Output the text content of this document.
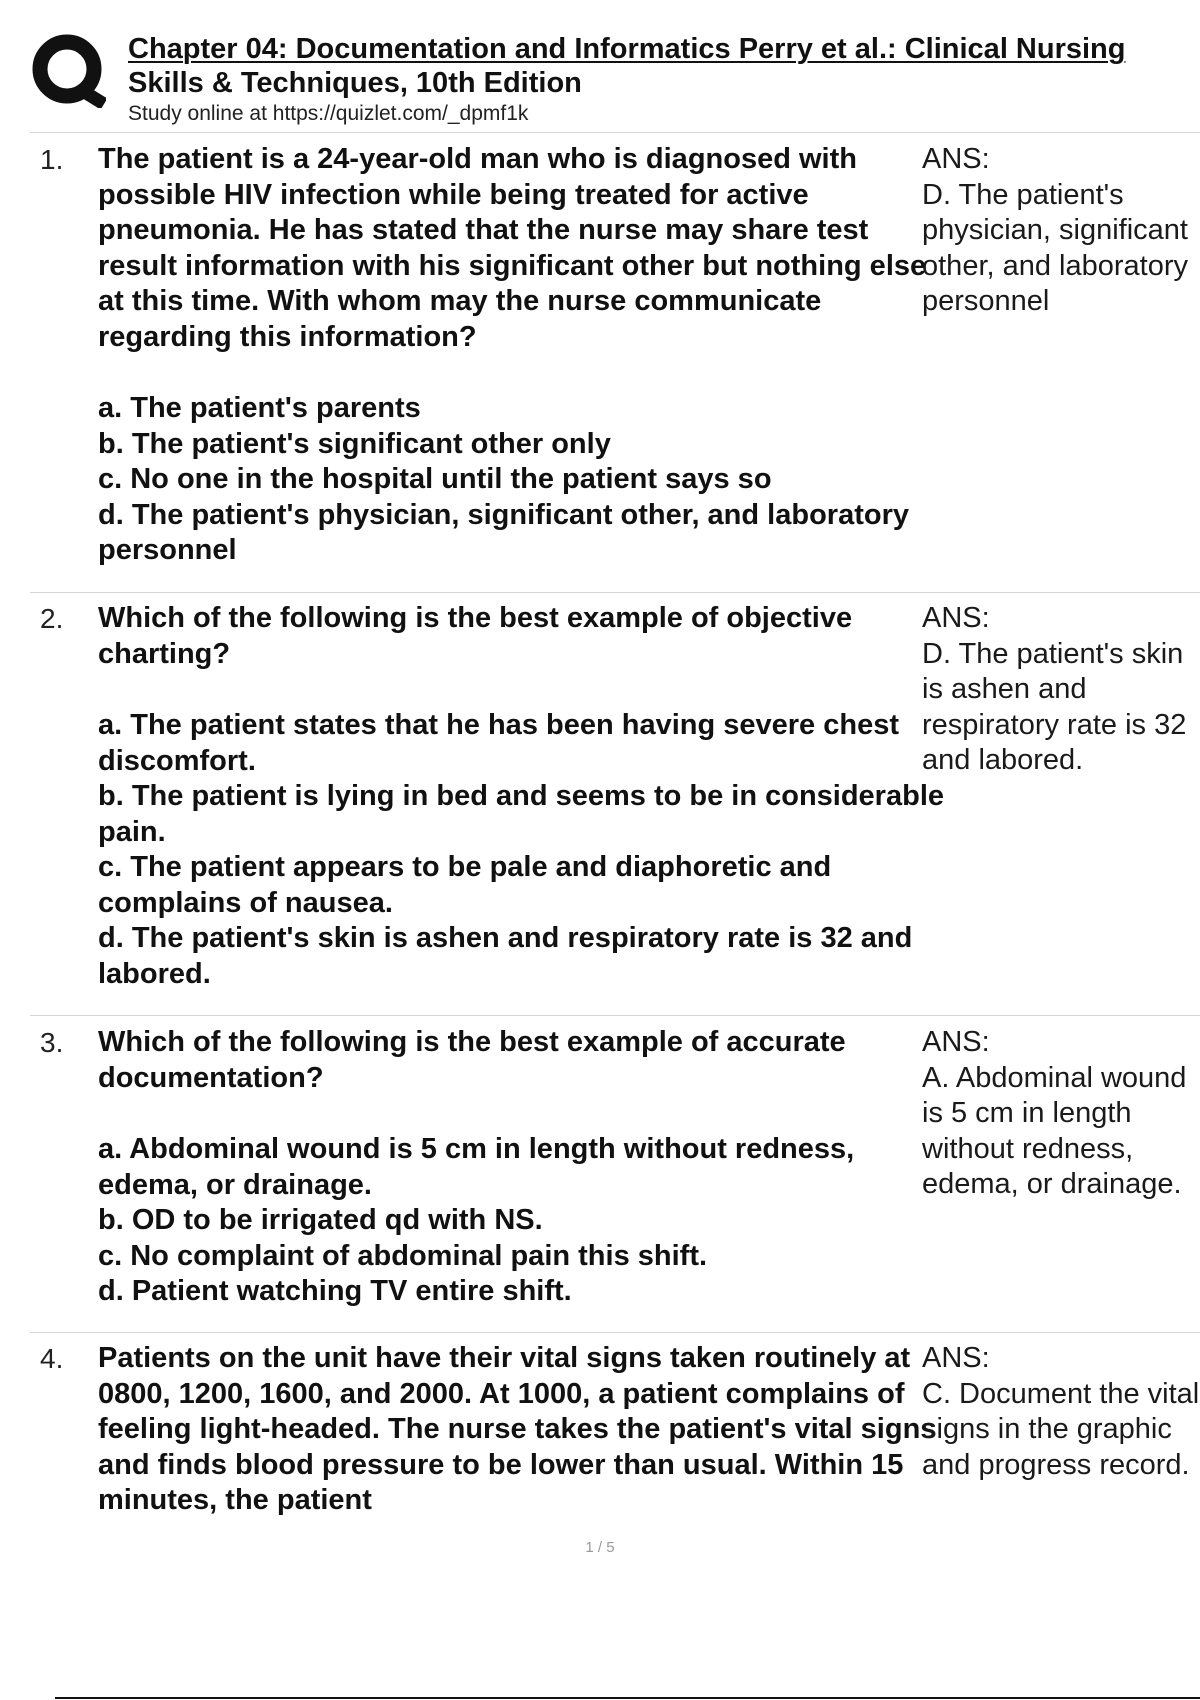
Chapter 04: Documentation and Informatics Perry et al.: Clinical Nursing
Skills & Techniques, 10th Edition
Study online at https://quizlet.com/_dpmf1k
1. The patient is a 24-year-old man who is diagnosed with possible HIV infection while being treated for active pneumonia. He has stated that the nurse may share test result information with his significant other but nothing else at this time. With whom may the nurse communicate regarding this information?

a. The patient's parents

b. The patient's significant other only

c. No one in the hospital until the patient says so

d. The patient's physician, significant other, and laboratory personnel

ANS:

D. The patient's physician, significant other, and laboratory personnel

2. Which of the following is the best example of objective charting?

a. The patient states that he has been having severe chest discomfort.

b. The patient is lying in bed and seems to be in considerable pain.

c. The patient appears to be pale and diaphoretic and complains of nausea.

d. The patient's skin is ashen and respiratory rate is 32 and labored.

ANS:

D. The patient's skin is ashen and respiratory rate is 32 and labored.

3. Which of the following is the best example of accurate documentation?

a. Abdominal wound is 5 cm in length without redness, edema, or drainage.

b. OD to be irrigated qd with NS.

c. No complaint of abdominal pain this shift.

d. Patient watching TV entire shift.

ANS:

A. Abdominal wound is 5 cm in length without redness, edema, or drainage.

4. Patients on the unit have their vital signs taken routinely at 0800, 1200, 1600, and 2000. At 1000, a patient complains of feeling light-headed. The nurse takes the patient's vital signs and finds blood pressure to be lower than usual. Within 15 minutes, the patient

ANS:

C. Document the vital signs in the graphic and progress record.

1 / 5
